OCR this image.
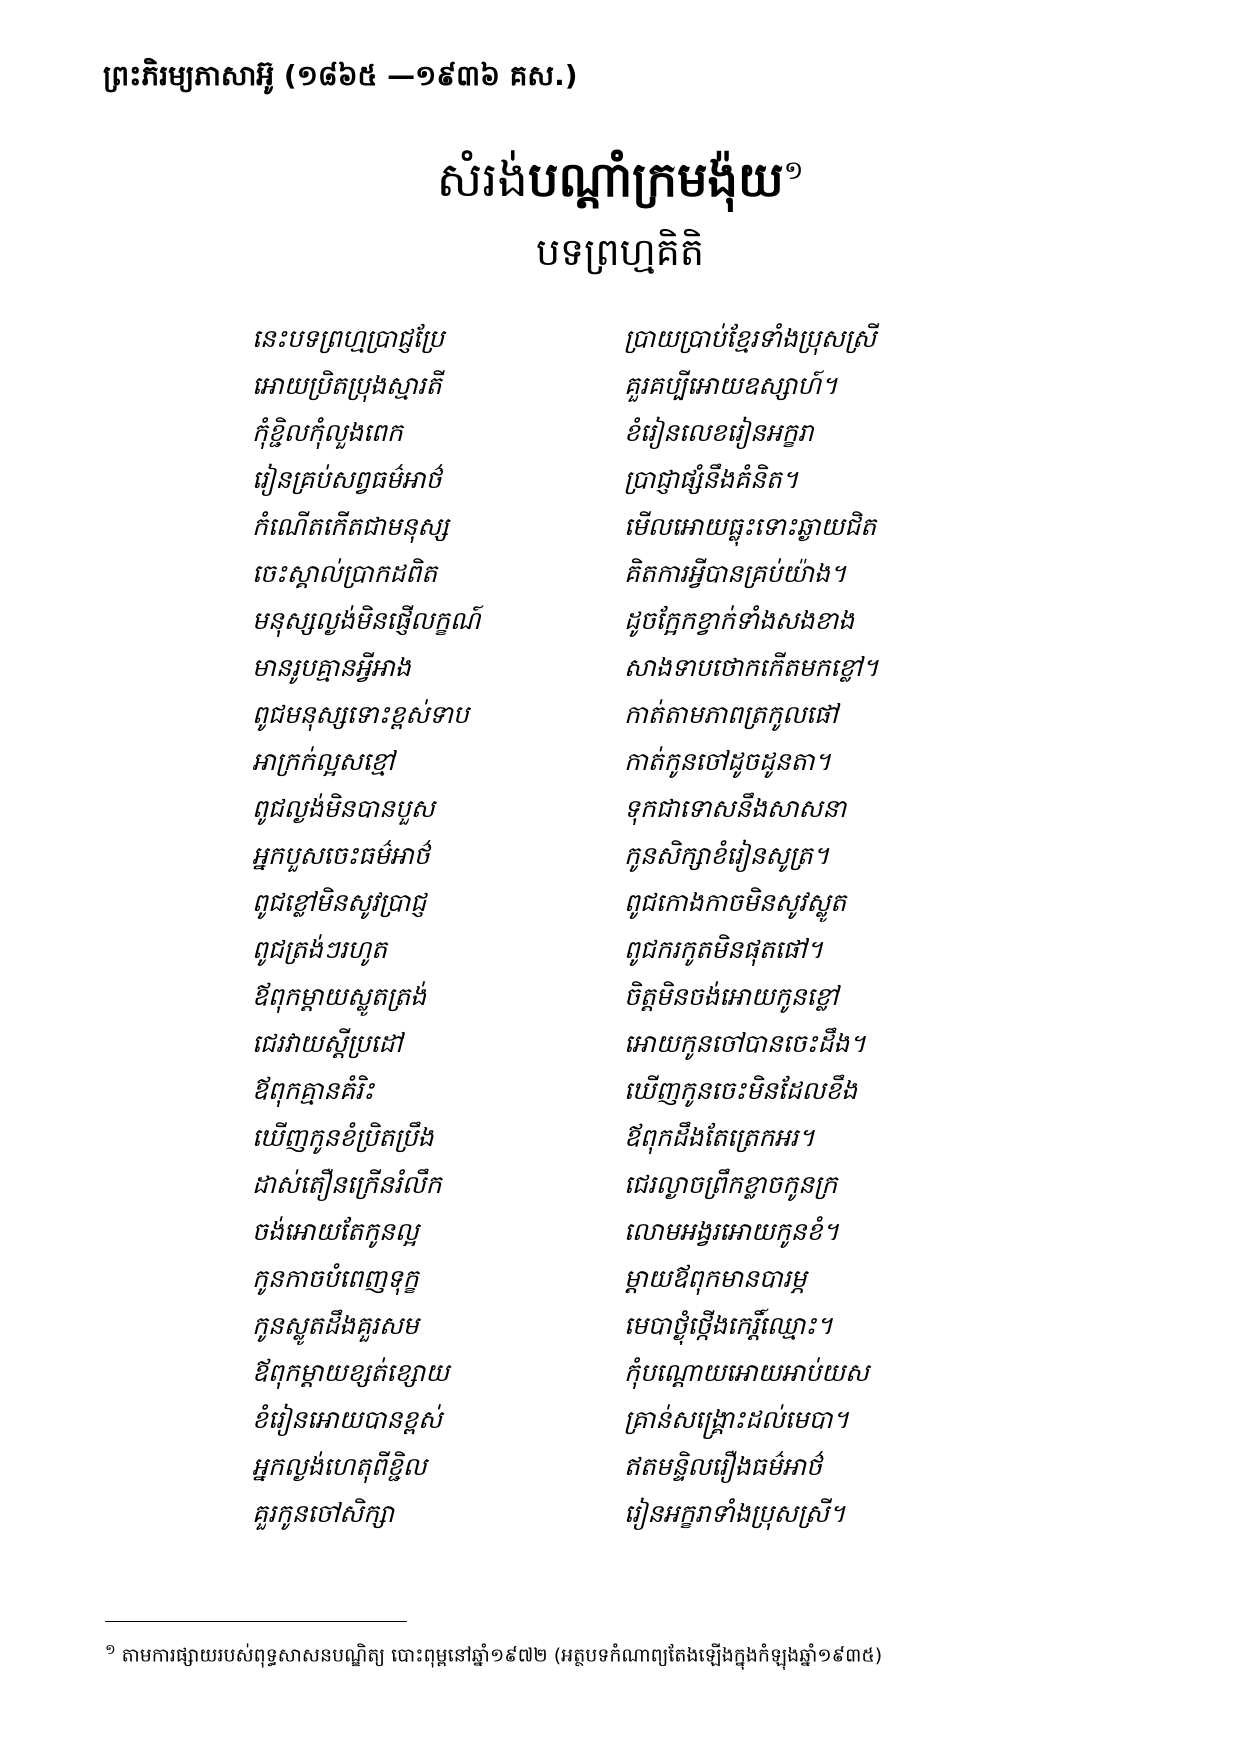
ព្រះភិរម្យភាសាអ៊ូ (១៨៦៥ —១៩៣៦ គស.)
សំរង់បណ្ដាំក្រមង៉ុយ$^១$
បទព្រហ្មគិតិ
នេះបទព្រហ្មប្រាជ្ញប្រែ	ប្រាយប្រាប់ខ្មែរទាំងប្រុសស្រី
អោយប្រិតប្រុងស្មារតី	គួរគប្បីអោយឧស្សាហ៍។
កុំខ្ជិលកុំលួងពេក	ខំរៀនលេខរៀនអក្ខរា
រៀនគ្រប់សព្វធម៌អាថ៌	ប្រាជ្ញាផ្សំនឹងគំនិត។
កំណើតកើតជាមនុស្ស	មើលអោយធ្លុះទោះឆ្ងាយជិត
ចេះស្គាល់ប្រាកដពិត	គិតការអ្វីបានគ្រប់យ៉ាង។
មនុស្សល្ងង់មិនផ្ញើលក្ខណ៍	ដូចក្អែកខ្វាក់ទាំងសងខាង
មានរូបគ្មានអ្វីអាង	សាងទាបថោកកើតមកខ្លៅ។
ពូជមនុស្សទោះខ្ពស់ទាប	កាត់តាមភាពត្រកូលផៅ
អាក្រក់ល្អសខ្មៅ	កាត់កូនចៅដូចដូនតា។
ពូជល្ងង់មិនបានបួស	ទុកជាទោសនឹងសាសនា
អ្នកបួសចេះធម៌អាថ៌	កូនសិក្សាខំរៀនសូត្រ។
ពូជខ្លៅមិនសូវប្រាជ្ញ	ពូជកោងកាចមិនសូវស្លូត
ពូជត្រង់ៗរហូត	ពូជករកូតមិនផុតផៅ។
ឪពុកម្ដាយស្លូតត្រង់	ចិត្តមិនចង់អោយកូនខ្លៅ
ជេរវាយស្តីប្រដៅ	អោយកូនចៅបានចេះដឹង។
ឪពុកគ្មានគំរិះ	ឃើញកូនចេះមិនដែលខឹង
ឃើញកូនខំប្រិតប្រឹង	ឪពុកដឹងតែត្រេកអរ។
ដាស់តឿនក្រើនរំលឹក	ជេរល្ងាចព្រឹកខ្លាចកូនក្រ
ចង់អោយតែកូនល្អ	លោមអង្វរអោយកូនខំ។
កូនកាចបំពេញទុក្ខ	ម្ដាយឪពុកមានបារម្ភ
កូនស្លូតដឹងគួរសម	មេបាថ្ងុំថ្កើងកេរ្តិ៍ឈ្មោះ។
ឪពុកម្ដាយខ្សត់ខ្សោយ	កុំបណ្ដោយអោយអាប់យស
ខំរៀនអោយបានខ្ពស់	គ្រាន់សង្គ្រោះដល់មេបា។
អ្នកល្ងង់ហេតុពីខ្ជិល	ឥតមន្ទិលរឿងធម៌អាថ៌
គួរកូនចៅសិក្សា	រៀនអក្ខរាទាំងប្រុសស្រី។
$^១$ តាមការផ្សាយរបស់ពុទ្ធសាសនបណ្ឌិត្យ បោះពុម្ពនៅឆ្នាំ១៩៧២ (អត្ថបទកំណាព្យតែងឡើងក្នុងកំឡុងឆ្នាំ១៩៣៥)
